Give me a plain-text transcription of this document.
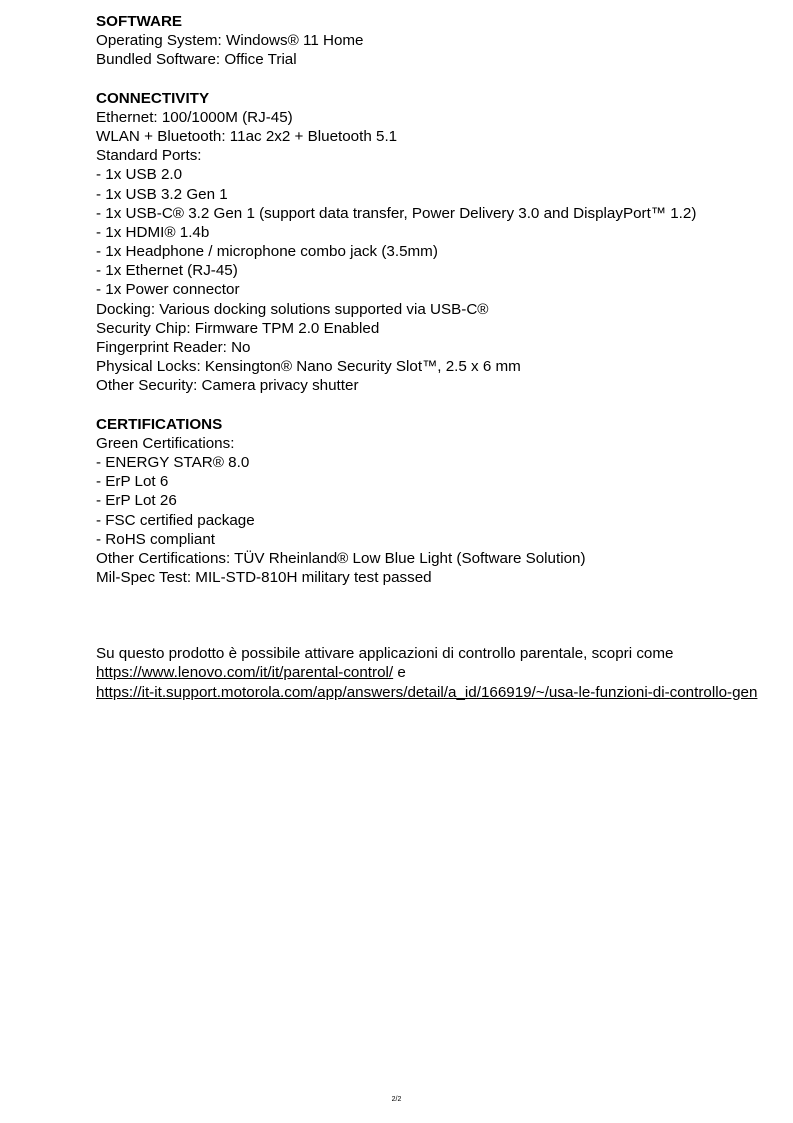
SOFTWARE
Operating System: Windows® 11 Home
Bundled Software: Office Trial
CONNECTIVITY
Ethernet: 100/1000M (RJ-45)
WLAN + Bluetooth: 11ac 2x2 + Bluetooth 5.1
Standard Ports:
- 1x USB 2.0
- 1x USB 3.2 Gen 1
- 1x USB-C® 3.2 Gen 1 (support data transfer, Power Delivery 3.0 and DisplayPort™ 1.2)
- 1x HDMI® 1.4b
- 1x Headphone / microphone combo jack (3.5mm)
- 1x Ethernet (RJ-45)
- 1x Power connector
Docking: Various docking solutions supported via USB-C®
Security Chip: Firmware TPM 2.0 Enabled
Fingerprint Reader: No
Physical Locks: Kensington® Nano Security Slot™, 2.5 x 6 mm
Other Security: Camera privacy shutter
CERTIFICATIONS
Green Certifications:
- ENERGY STAR® 8.0
- ErP Lot 6
- ErP Lot 26
- FSC certified package
- RoHS compliant
Other Certifications: TÜV Rheinland® Low Blue Light (Software Solution)
Mil-Spec Test: MIL-STD-810H military test passed
Su questo prodotto è possibile attivare applicazioni di controllo parentale, scopri come
https://www.lenovo.com/it/it/parental-control/ e
https://it-it.support.motorola.com/app/answers/detail/a_id/166919/~/usa-le-funzioni-di-controllo-gen
2/2
